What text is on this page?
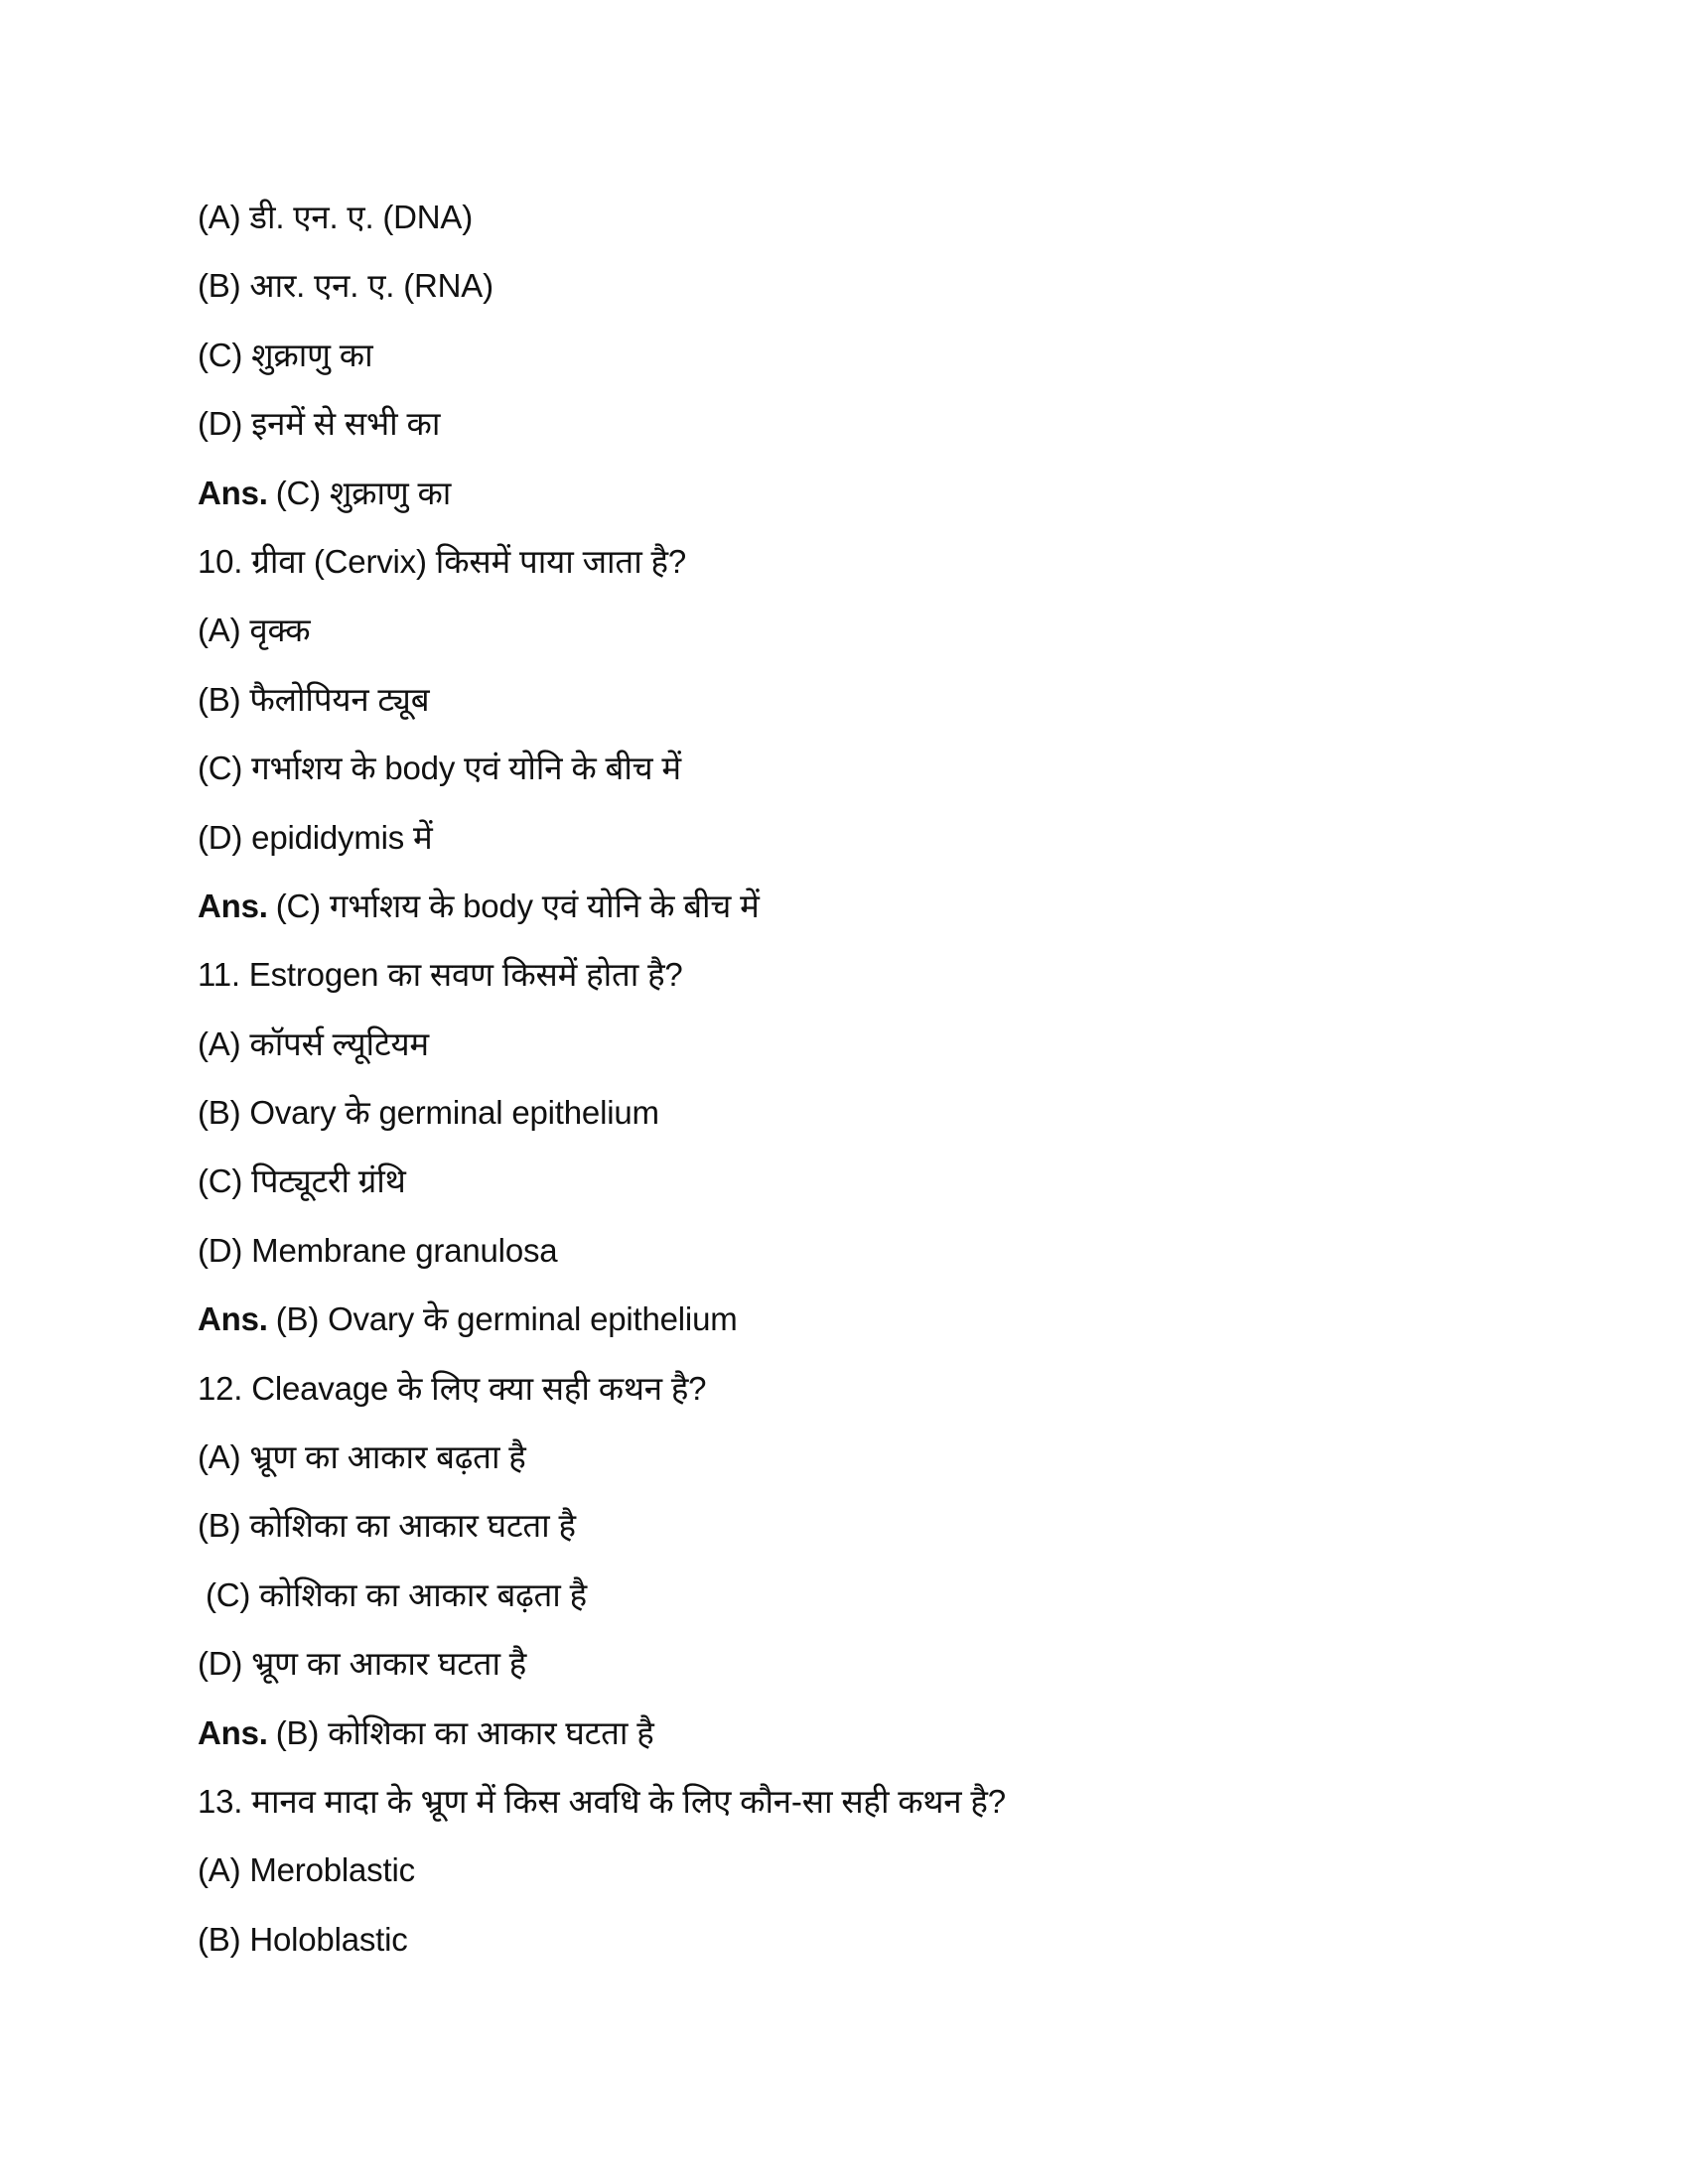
(A) डी. एन. ए. (DNA)
(B) आर. एन. ए. (RNA)
(C) शुक्राणु का
(D) इनमें से सभी का
Ans. (C) शुक्राणु का
10. ग्रीवा (Cervix) किसमें पाया जाता है?
(A) वृक्क
(B) फैलोपियन ट्यूब
(C) गर्भाशय के body एवं योनि के बीच में
(D) epididymis में
Ans. (C) गर्भाशय के body एवं योनि के बीच में
11. Estrogen का सवण किसमें होता है?
(A) कॉपर्स ल्यूटियम
(B) Ovary के germinal epithelium
(C) पिट्यूटरी ग्रंथि
(D) Membrane granulosa
Ans. (B) Ovary के germinal epithelium
12. Cleavage के लिए क्या सही कथन है?
(A) भ्रूण का आकार बढ़ता है
(B) कोशिका का आकार घटता है
(C) कोशिका का आकार बढ़ता है
(D) भ्रूण का आकार घटता है
Ans. (B) कोशिका का आकार घटता है
13. मानव मादा के भ्रूण में किस अवधि के लिए कौन-सा सही कथन है?
(A) Meroblastic
(B) Holoblastic
